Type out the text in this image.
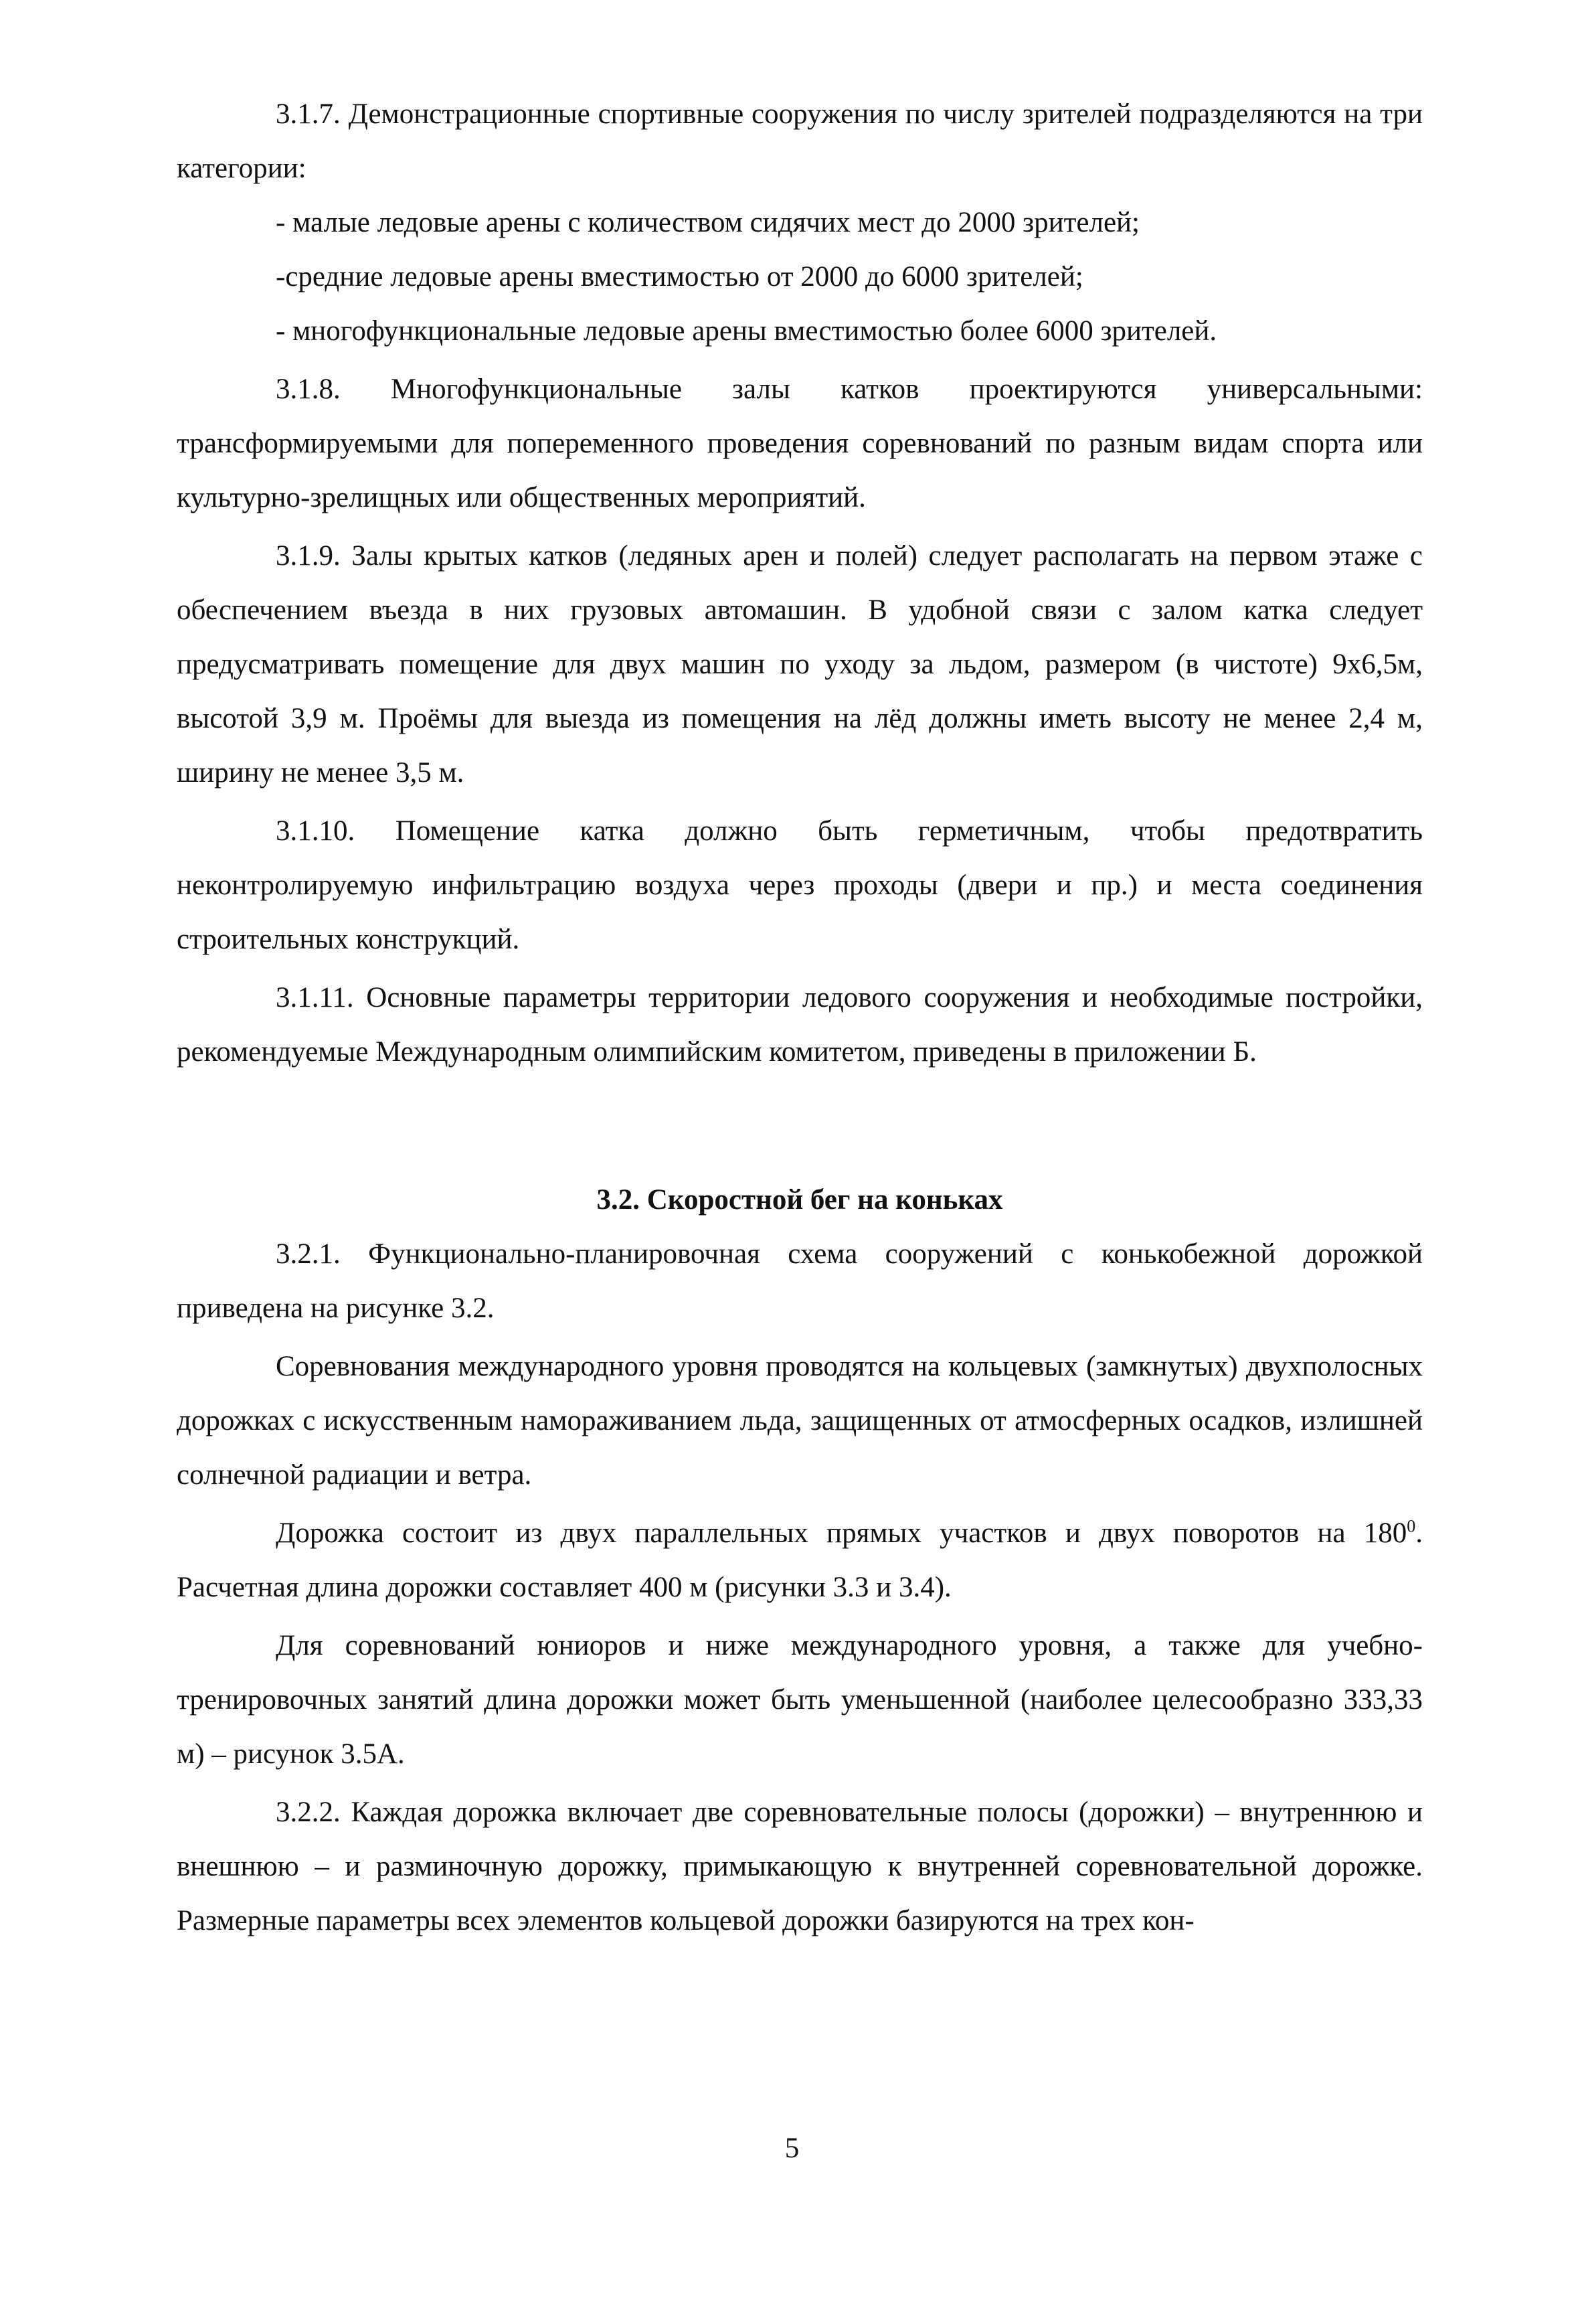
3.1.7. Демонстрационные спортивные сооружения по числу зрителей подразделяются на три категории:

- малые ледовые арены с количеством сидячих мест до 2000 зрителей;

-средние ледовые арены вместимостью от 2000 до 6000 зрителей;

- многофункциональные ледовые арены вместимостью более 6000 зрителей.

3.1.8. Многофункциональные залы катков проектируются универсальными: трансформируемыми для попеременного проведения соревнований по разным видам спорта или культурно-зрелищных или общественных мероприятий.

3.1.9. Залы крытых катков (ледяных арен и полей) следует располагать на первом этаже с обеспечением въезда в них грузовых автомашин. В удобной связи с залом катка следует предусматривать помещение для двух машин по уходу за льдом, размером (в чистоте) 9х6,5м, высотой 3,9 м. Проёмы для выезда из помещения на лёд должны иметь высоту не менее 2,4 м, ширину не менее 3,5 м.

3.1.10. Помещение катка должно быть герметичным, чтобы предотвратить неконтролируемую инфильтрацию воздуха через проходы (двери и пр.) и места соединения строительных конструкций.

3.1.11. Основные параметры территории ледового сооружения и необходимые постройки, рекомендуемые Международным олимпийским комитетом, приведены в приложении Б.

3.2. Скоростной бег на коньках

3.2.1. Функционально-планировочная схема сооружений с конькобежной дорожкой приведена на рисунке 3.2.

Соревнования международного уровня проводятся на кольцевых (замкнутых) двухполосных дорожках с искусственным намораживанием льда, защищенных от атмосферных осадков, излишней солнечной радиации и ветра.

Дорожка состоит из двух параллельных прямых участков и двух поворотов на $180^0$. Расчетная длина дорожки составляет 400 м (рисунки 3.3 и 3.4).

Для соревнований юниоров и ниже международного уровня, а также для учебно-тренировочных занятий длина дорожки может быть уменьшенной (наиболее целесообразно 333,33 м) – рисунок 3.5А.

3.2.2. Каждая дорожка включает две соревновательные полосы (дорожки) – внутреннюю и внешнюю – и разминочную дорожку, примыкающую к внутренней соревновательной дорожке. Размерные параметры всех элементов кольцевой дорожки базируются на трех кон-

5
